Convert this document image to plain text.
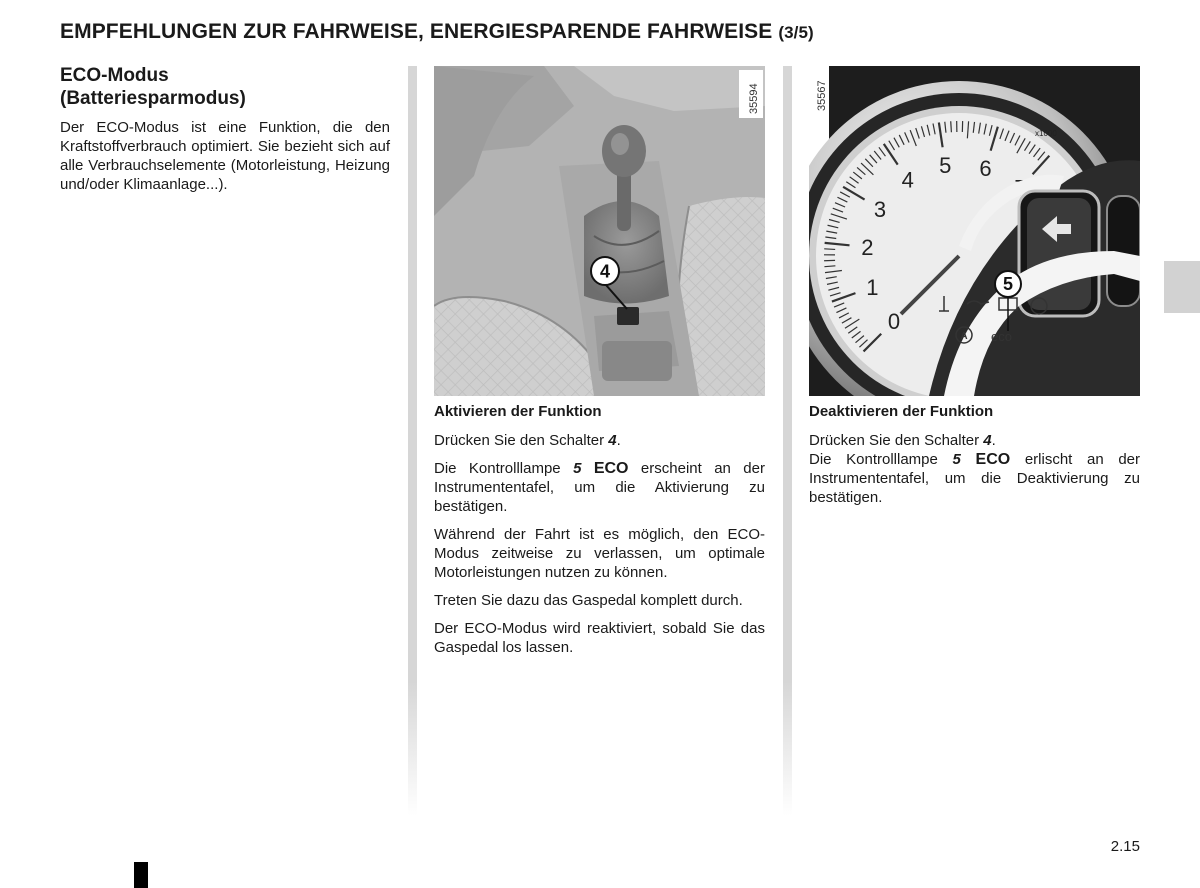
EMPFEHLUNGEN ZUR FAHRWEISE, ENERGIESPARENDE FAHRWEISE (3/5)
ECO-Modus
(Batteriesparmodus)

Der ECO-Modus ist eine Funktion, die den Kraftstoffverbrauch optimiert. Sie bezieht sich auf alle Verbrauchselemente (Motorleistung, Heizung und/oder Klimaanlage...).

4
35594	35567
0
1
2
3
4
5 6
x1000
A eco
5
Aktivieren der Funktion

Drücken Sie den Schalter 4.

Die Kontrolllampe 5 ECO erscheint an der Instrumententafel, um die Aktivierung zu bestätigen.

Während der Fahrt ist es möglich, den ECO-Modus zeitweise zu verlassen, um optimale Motorleistungen nutzen zu können.

Treten Sie dazu das Gaspedal komplett durch.

Der ECO-Modus wird reaktiviert, sobald Sie das Gaspedal los lassen.

Deaktivieren der Funktion

Drücken Sie den Schalter 4.

Die Kontrolllampe 5 ECO erlischt an der Instrumententafel, um die Deaktivierung zu bestätigen.

2.15
